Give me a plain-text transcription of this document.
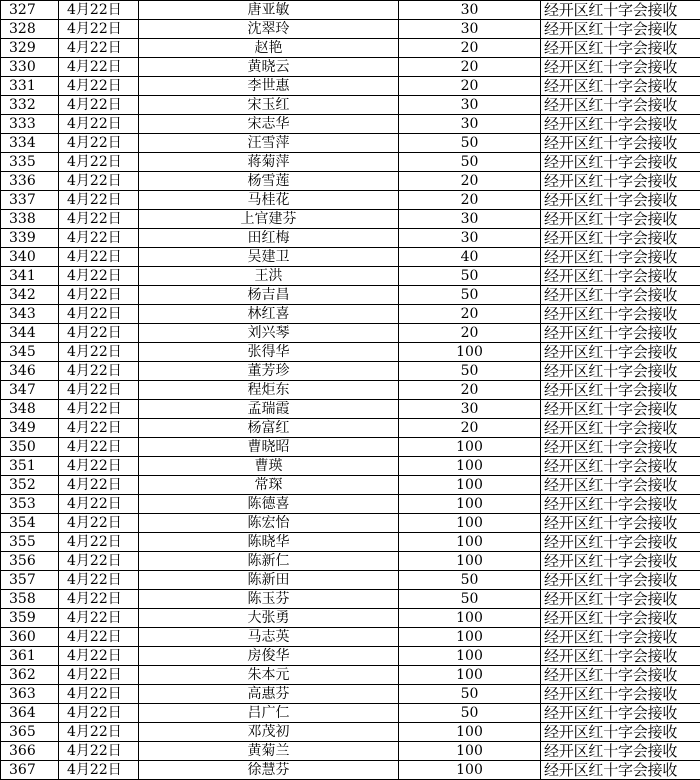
327	4月22日	唐亚敏	30	经开区红十字会接收
328	4月22日	沈翠玲	30	经开区红十字会接收
329	4月22日	赵艳	20	经开区红十字会接收
330	4月22日	黄晓云	20	经开区红十字会接收
331	4月22日	李世惠	20	经开区红十字会接收
332	4月22日	宋玉红	30	经开区红十字会接收
333	4月22日	宋志华	30	经开区红十字会接收
334	4月22日	汪雪萍	50	经开区红十字会接收
335	4月22日	蒋菊萍	50	经开区红十字会接收
336	4月22日	杨雪莲	20	经开区红十字会接收
337	4月22日	马桂花	20	经开区红十字会接收
338	4月22日	上官建芬	30	经开区红十字会接收
339	4月22日	田红梅	30	经开区红十字会接收
340	4月22日	吴建卫	40	经开区红十字会接收
341	4月22日	王洪	50	经开区红十字会接收
342	4月22日	杨吉昌	50	经开区红十字会接收
343	4月22日	林红喜	20	经开区红十字会接收
344	4月22日	刘兴琴	20	经开区红十字会接收
345	4月22日	张得华	100	经开区红十字会接收
346	4月22日	董芳珍	50	经开区红十字会接收
347	4月22日	程炬东	20	经开区红十字会接收
348	4月22日	孟瑞霞	30	经开区红十字会接收
349	4月22日	杨富红	20	经开区红十字会接收
350	4月22日	曹晓昭	100	经开区红十字会接收
351	4月22日	曹瑛	100	经开区红十字会接收
352	4月22日	常琛	100	经开区红十字会接收
353	4月22日	陈德喜	100	经开区红十字会接收
354	4月22日	陈宏怡	100	经开区红十字会接收
355	4月22日	陈晓华	100	经开区红十字会接收
356	4月22日	陈新仁	100	经开区红十字会接收
357	4月22日	陈新田	50	经开区红十字会接收
358	4月22日	陈玉芬	50	经开区红十字会接收
359	4月22日	大张勇	100	经开区红十字会接收
360	4月22日	马志英	100	经开区红十字会接收
361	4月22日	房俊华	100	经开区红十字会接收
362	4月22日	朱本元	100	经开区红十字会接收
363	4月22日	高惠芬	50	经开区红十字会接收
364	4月22日	吕广仁	50	经开区红十字会接收
365	4月22日	邓茂初	100	经开区红十字会接收
366	4月22日	黄菊兰	100	经开区红十字会接收
367	4月22日	徐慧芬	100	经开区红十字会接收
